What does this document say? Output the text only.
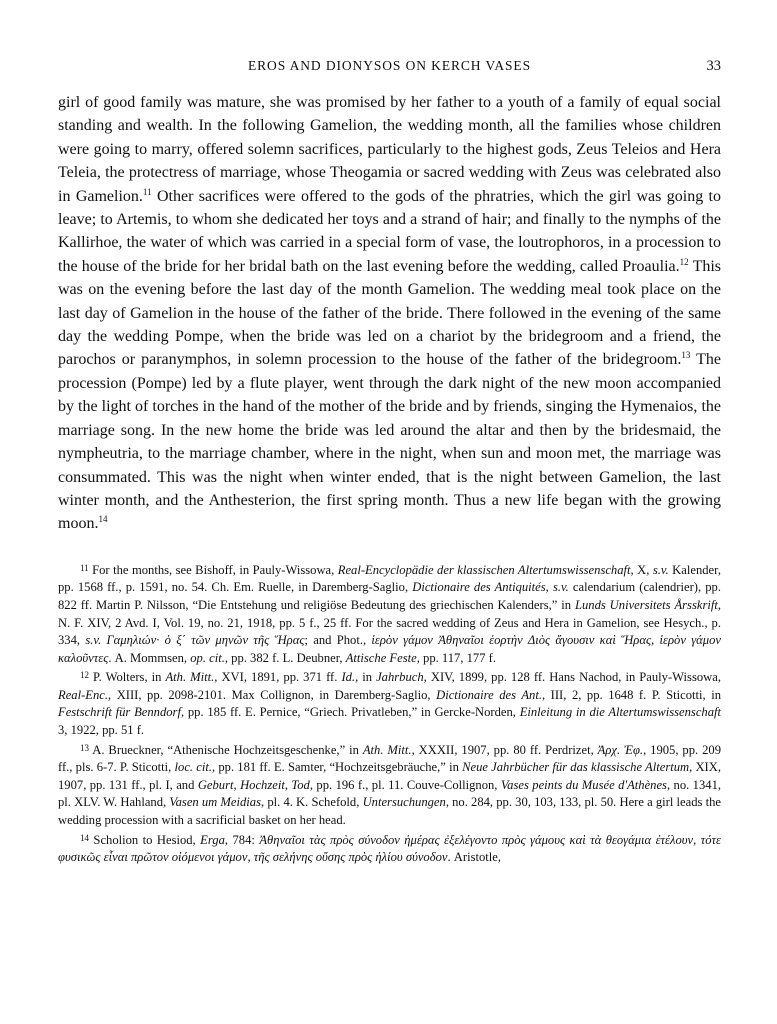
EROS AND DIONYSOS ON KERCH VASES	33

girl of good family was mature, she was promised by her father to a youth of a family of equal social standing and wealth. In the following Gamelion, the wedding month, all the families whose children were going to marry, offered solemn sacrifices, particularly to the highest gods, Zeus Teleios and Hera Teleia, the protectress of marriage, whose Theogamia or sacred wedding with Zeus was celebrated also in Gamelion.$^{11}$ Other sacrifices were offered to the gods of the phratries, which the girl was going to leave; to Artemis, to whom she dedicated her toys and a strand of hair; and finally to the nymphs of the Kallirhoe, the water of which was carried in a special form of vase, the loutrophoros, in a procession to the house of the bride for her bridal bath on the last evening before the wedding, called Proaulia.$^{12}$ This was on the evening before the last day of the month Gamelion. The wedding meal took place on the last day of Gamelion in the house of the father of the bride. There followed in the evening of the same day the wedding Pompe, when the bride was led on a chariot by the bridegroom and a friend, the parochos or paranymphos, in solemn procession to the house of the father of the bridegroom.$^{13}$ The procession (Pompe) led by a flute player, went through the dark night of the new moon accompanied by the light of torches in the hand of the mother of the bride and by friends, singing the Hymenaios, the marriage song. In the new home the bride was led around the altar and then by the bridesmaid, the nympheutria, to the marriage chamber, where in the night, when sun and moon met, the marriage was consummated. This was the night when winter ended, that is the night between Gamelion, the last winter month, and the Anthesterion, the first spring month. Thus a new life began with the growing moon.$^{14}$

$^{11}$ For the months, see Bishoff, in Pauly-Wissowa, Real-Encyclopädie der klassischen Altertumswissenschaft, X, s.v. Kalender, pp. 1568 ff., p. 1591, no. 54. Ch. Em. Ruelle, in Daremberg-Saglio, Dictionaire des Antiquités, s.v. calendarium (calendrier), pp. 822 ff. Martin P. Nilsson, “Die Entstehung und religiöse Bedeutung des griechischen Kalenders,” in Lunds Universitets Årsskrift, N. F. XIV, 2 Avd. I, Vol. 19, no. 21, 1918, pp. 5 f., 25 ff. For the sacred wedding of Zeus and Hera in Gamelion, see Hesych., p. 334, s.v. Γαμηλιών· ὁ ξ΄ τῶν μηνῶν τῆς Ἥρας; and Phot., ἱερὸν γάμον Ἀθηναῖοι ἑορτὴν Διὸς ἄγουσιν καὶ Ἥρας, ἱερὸν γάμον καλοῦντες. A. Mommsen, op. cit., pp. 382 f. L. Deubner, Attische Feste, pp. 117, 177 f.

$^{12}$ P. Wolters, in Ath. Mitt., XVI, 1891, pp. 371 ff. Id., in Jahrbuch, XIV, 1899, pp. 128 ff. Hans Nachod, in Pauly-Wissowa, Real-Enc., XIII, pp. 2098-2101. Max Collignon, in Daremberg-Saglio, Dictionaire des Ant., III, 2, pp. 1648 f. P. Sticotti, in Festschrift für Benndorf, pp. 185 ff. E. Pernice, “Griech. Privatleben,” in Gercke-Norden, Einleitung in die Altertumswissenschaft 3, 1922, pp. 51 f.

$^{13}$ A. Brueckner, “Athenische Hochzeitsgeschenke,” in Ath. Mitt., XXXII, 1907, pp. 80 ff. Perdrizet, Ἀρχ. Ἐφ., 1905, pp. 209 ff., pls. 6-7. P. Sticotti, loc. cit., pp. 181 ff. E. Samter, “Hochzeitsgebräuche,” in Neue Jahrbücher für das klassische Altertum, XIX, 1907, pp. 131 ff., pl. I, and Geburt, Hochzeit, Tod, pp. 196 f., pl. 11. Couve-Collignon, Vases peints du Musée d'Athènes, no. 1341, pl. XLV. W. Hahland, Vasen um Meidias, pl. 4. K. Schefold, Untersuchungen, no. 284, pp. 30, 103, 133, pl. 50. Here a girl leads the wedding procession with a sacrificial basket on her head.

$^{14}$ Scholion to Hesiod, Erga, 784: Ἀθηναῖοι τὰς πρὸς σύνοδον ἡμέρας ἐξελέγοντο πρὸς γάμους καὶ τὰ θεογάμια ἐτέλουν, τότε φυσικῶς εἶναι πρῶτον οἰόμενοι γάμον, τῆς σελήνης οὔσης πρὸς ἡλίου σύνοδον. Aristotle,
